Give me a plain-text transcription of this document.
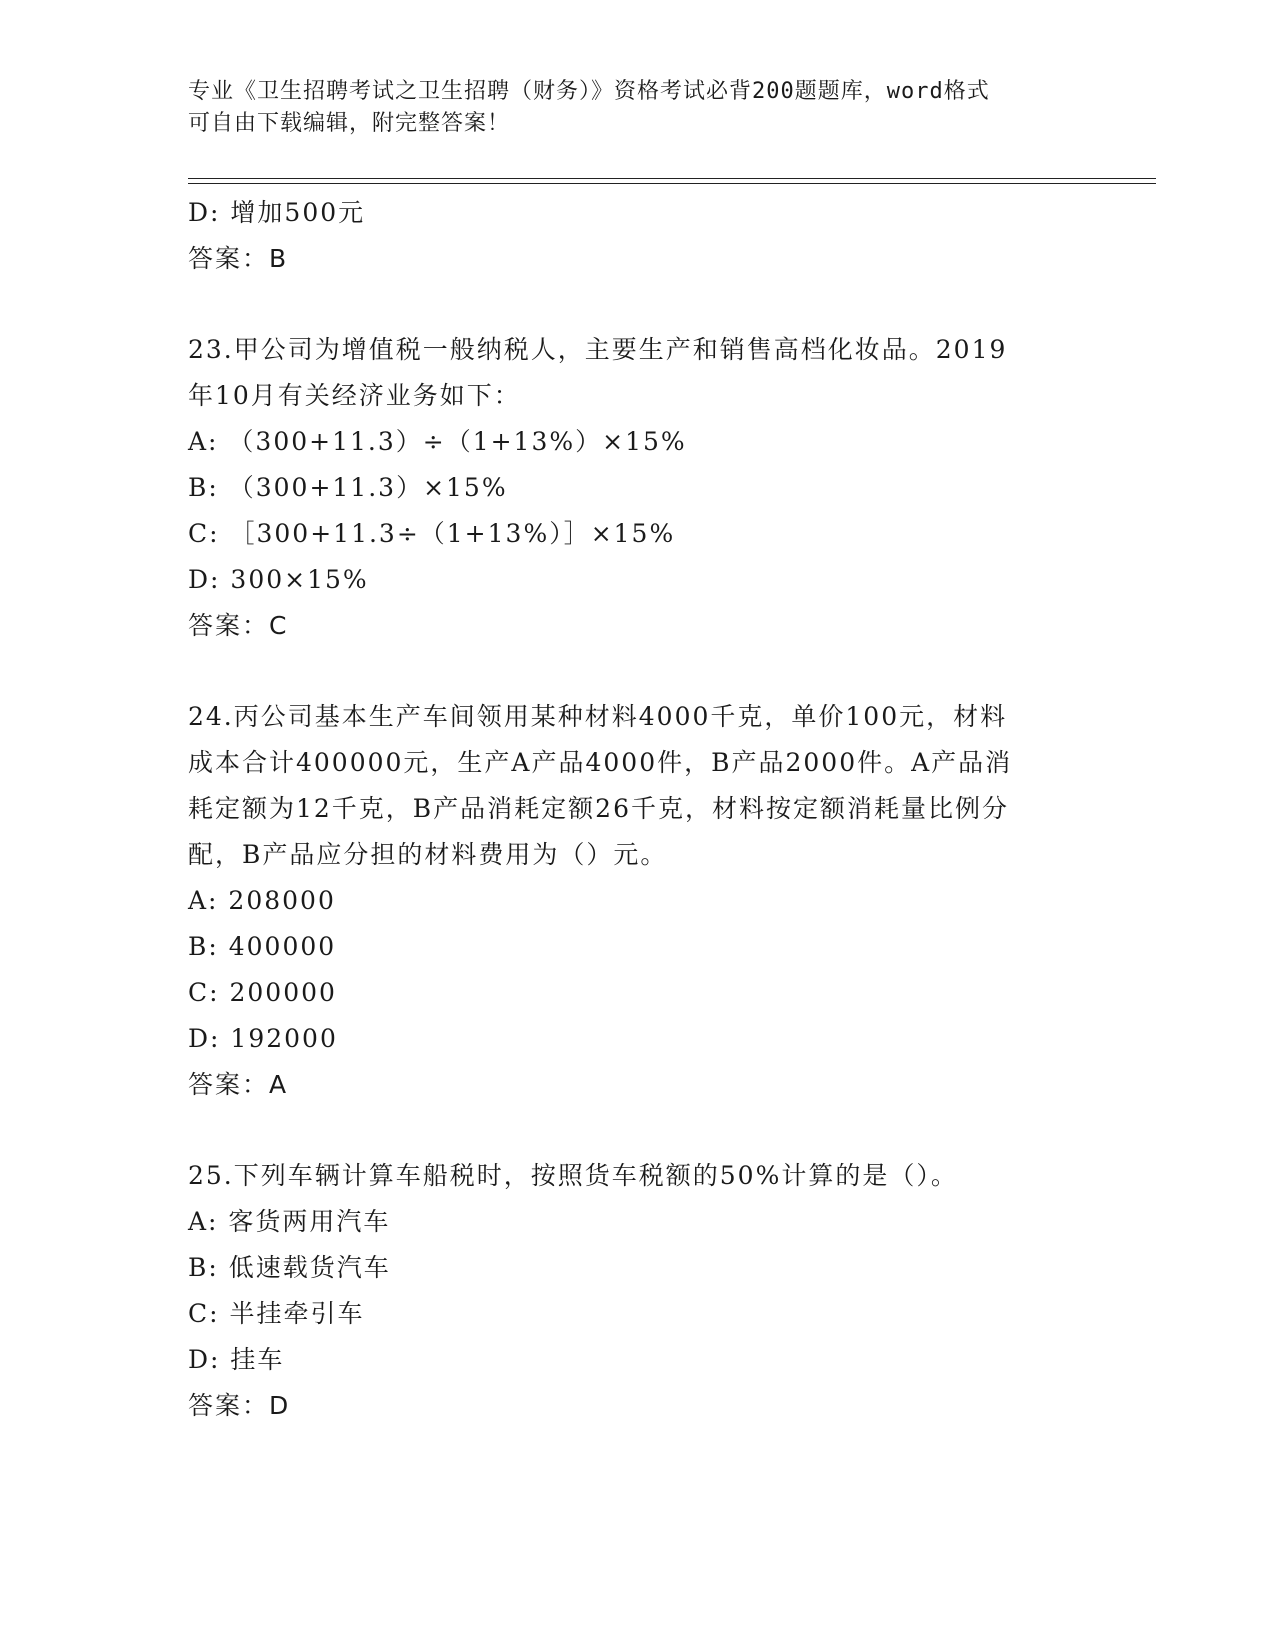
专业《卫生招聘考试之卫生招聘（财务）》资格考试必背200题题库，word格式
可自由下载编辑，附完整答案！
D: 增加500元
答案：B
23.甲公司为增值税一般纳税人，主要生产和销售高档化妆品。2019
年10月有关经济业务如下：
A: （300+11.3）÷（1+13%）×15%
B: （300+11.3）×15%
C: ［300+11.3÷（1+13%）］×15%
D: 300×15%
答案：C
24.丙公司基本生产车间领用某种材料4000千克，单价100元，材料
成本合计400000元，生产A产品4000件，B产品2000件。A产品消
耗定额为12千克，B产品消耗定额26千克，材料按定额消耗量比例分
配，B产品应分担的材料费用为（）元。
A: 208000
B: 400000
C: 200000
D: 192000
答案：A
25.下列车辆计算车船税时，按照货车税额的50%计算的是（）。
A: 客货两用汽车
B: 低速载货汽车
C: 半挂牵引车
D: 挂车
答案：D
